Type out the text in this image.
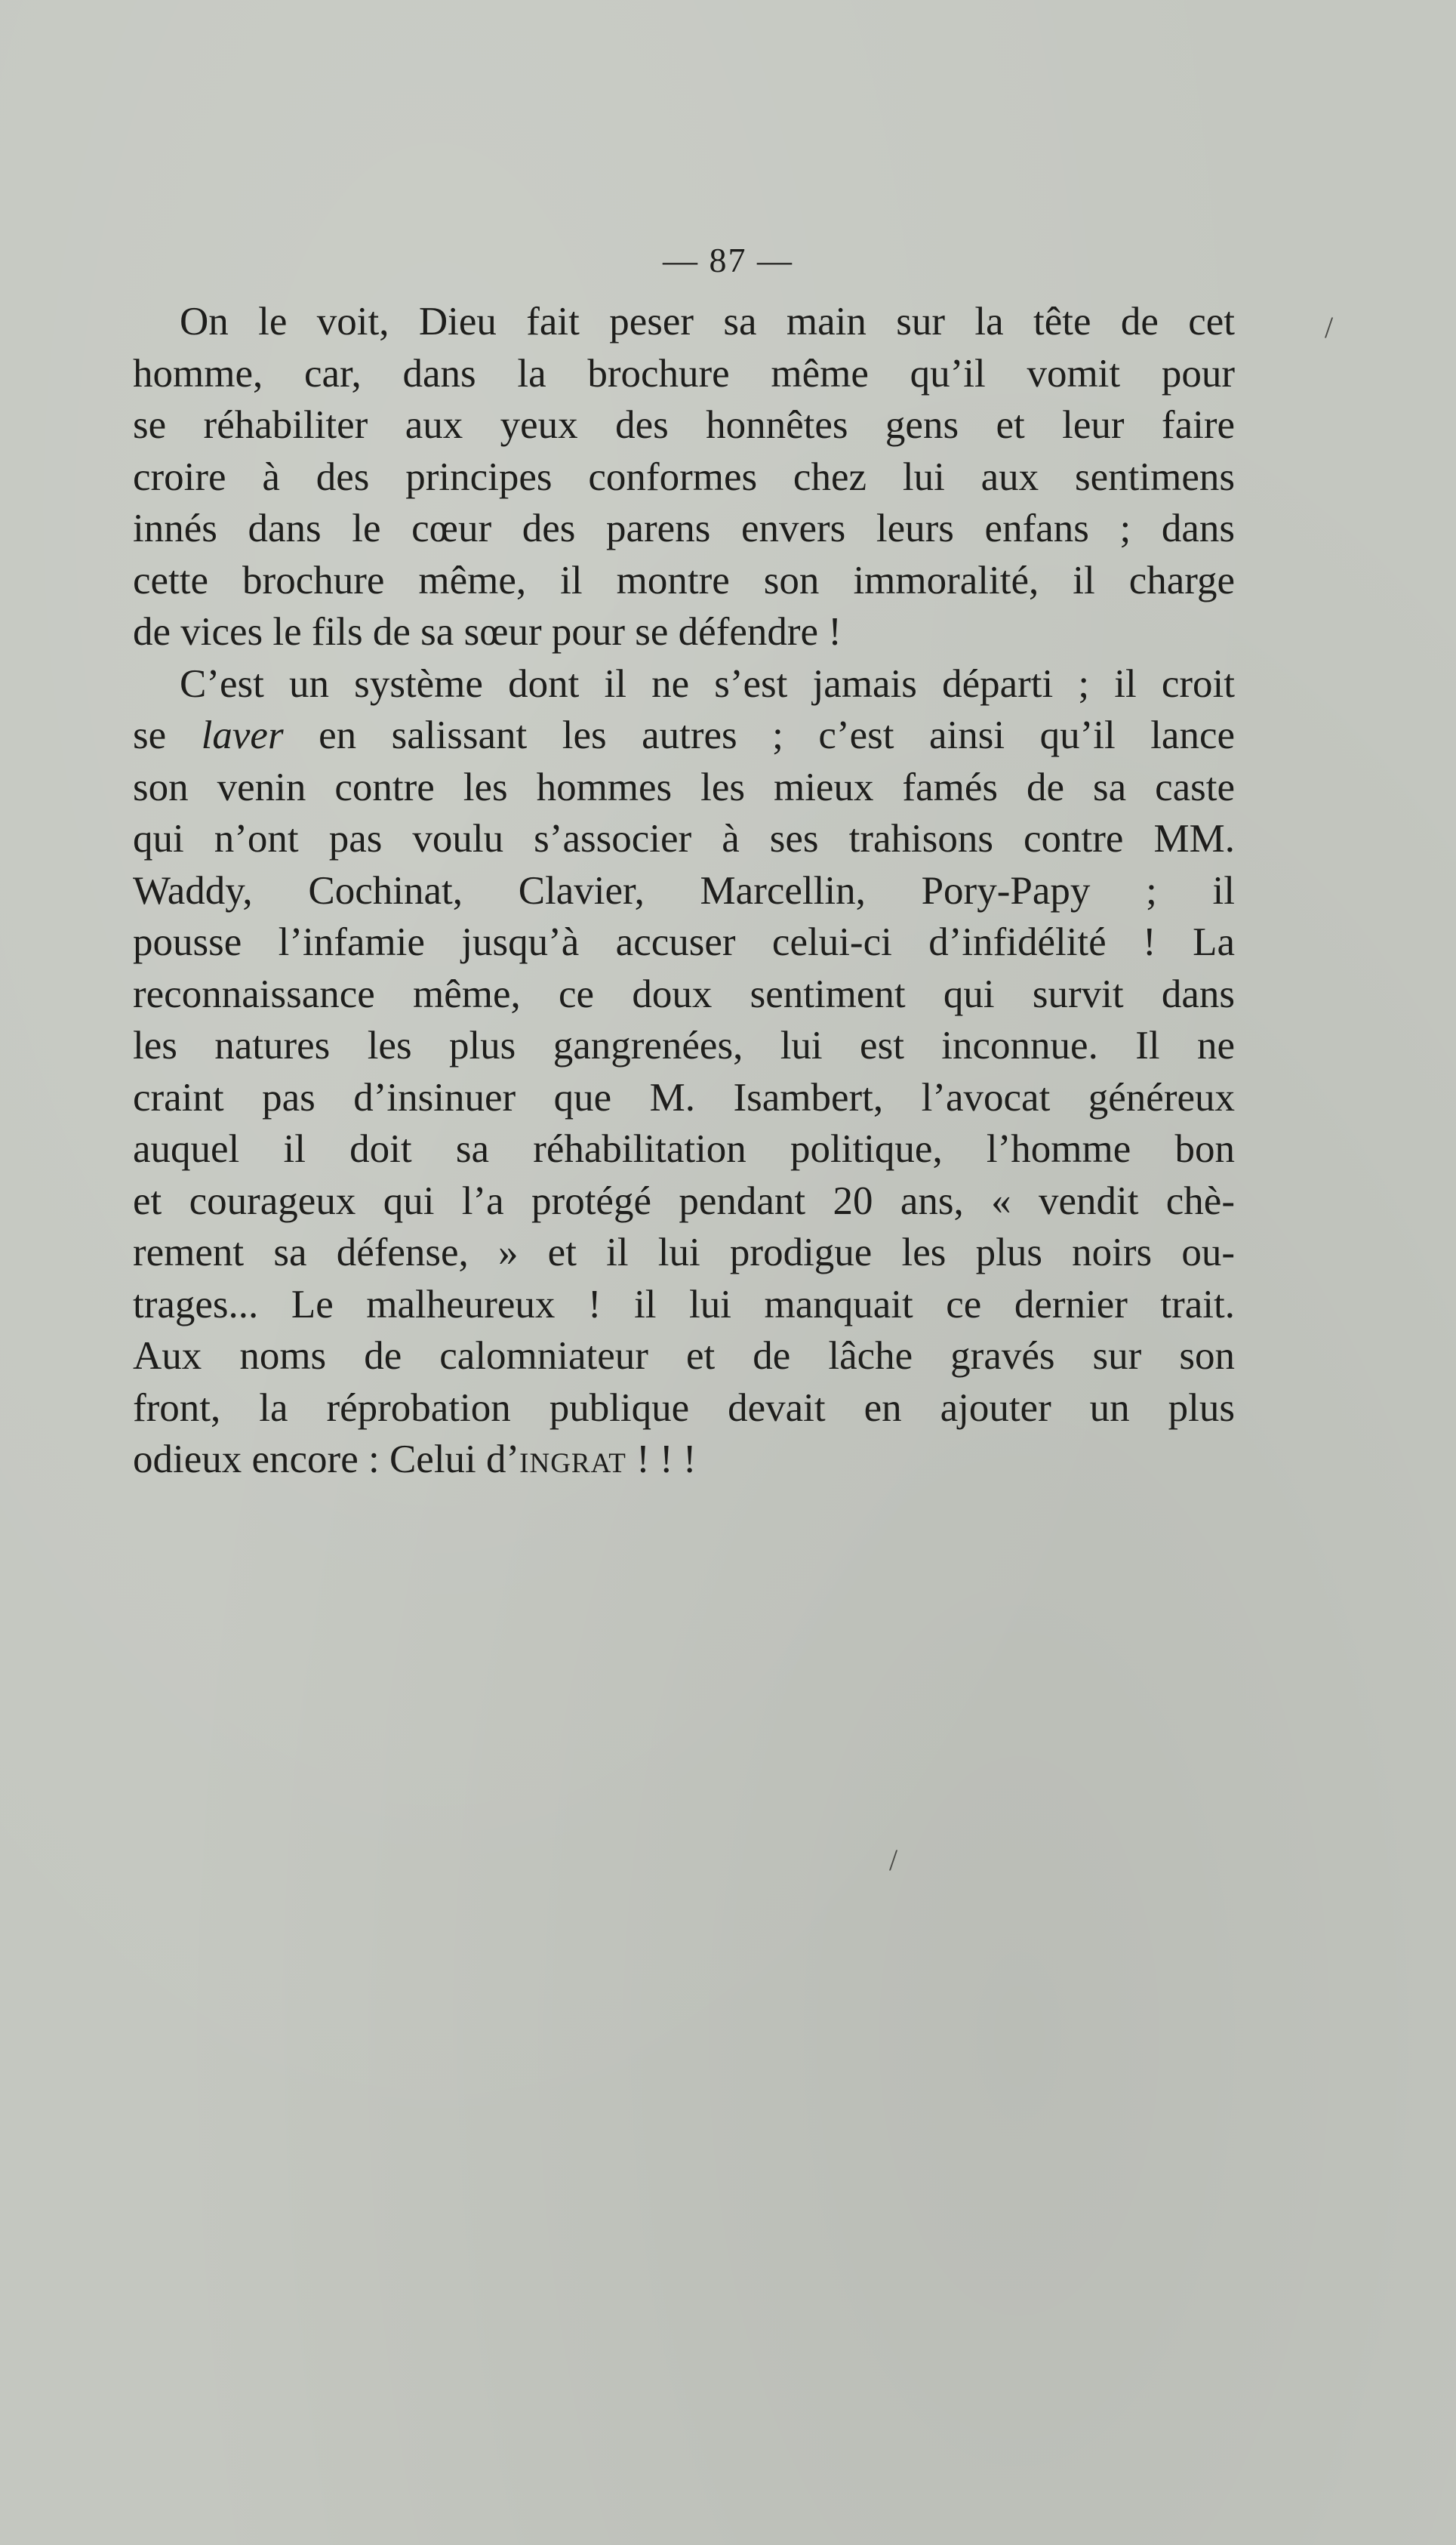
— 87 —
On le voit, Dieu fait peser sa main sur la tête de cet
homme, car, dans la brochure même qu’il vomit pour
se réhabiliter aux yeux des honnêtes gens et leur faire
croire à des principes conformes chez lui aux sentimens
innés dans le cœur des parens envers leurs enfans ; dans
cette brochure même, il montre son immoralité, il charge
de vices le fils de sa sœur pour se défendre !
C’est un système dont il ne s’est jamais départi ; il croit
se laver en salissant les autres ; c’est ainsi qu’il lance
son venin contre les hommes les mieux famés de sa caste
qui n’ont pas voulu s’associer à ses trahisons contre MM.
Waddy, Cochinat, Clavier, Marcellin, Pory-Papy ; il
pousse l’infamie jusqu’à accuser celui-ci d’infidélité ! La
reconnaissance même, ce doux sentiment qui survit dans
les natures les plus gangrenées, lui est inconnue. Il ne
craint pas d’insinuer que M. Isambert, l’avocat généreux
auquel il doit sa réhabilitation politique, l’homme bon
et courageux qui l’a protégé pendant 20 ans, « vendit chè-
rement sa défense, » et il lui prodigue les plus noirs ou-
trages... Le malheureux ! il lui manquait ce dernier trait.
Aux noms de calomniateur et de lâche gravés sur son
front, la réprobation publique devait en ajouter un plus
odieux encore : Celui d’ingrat ! ! !
/
/
